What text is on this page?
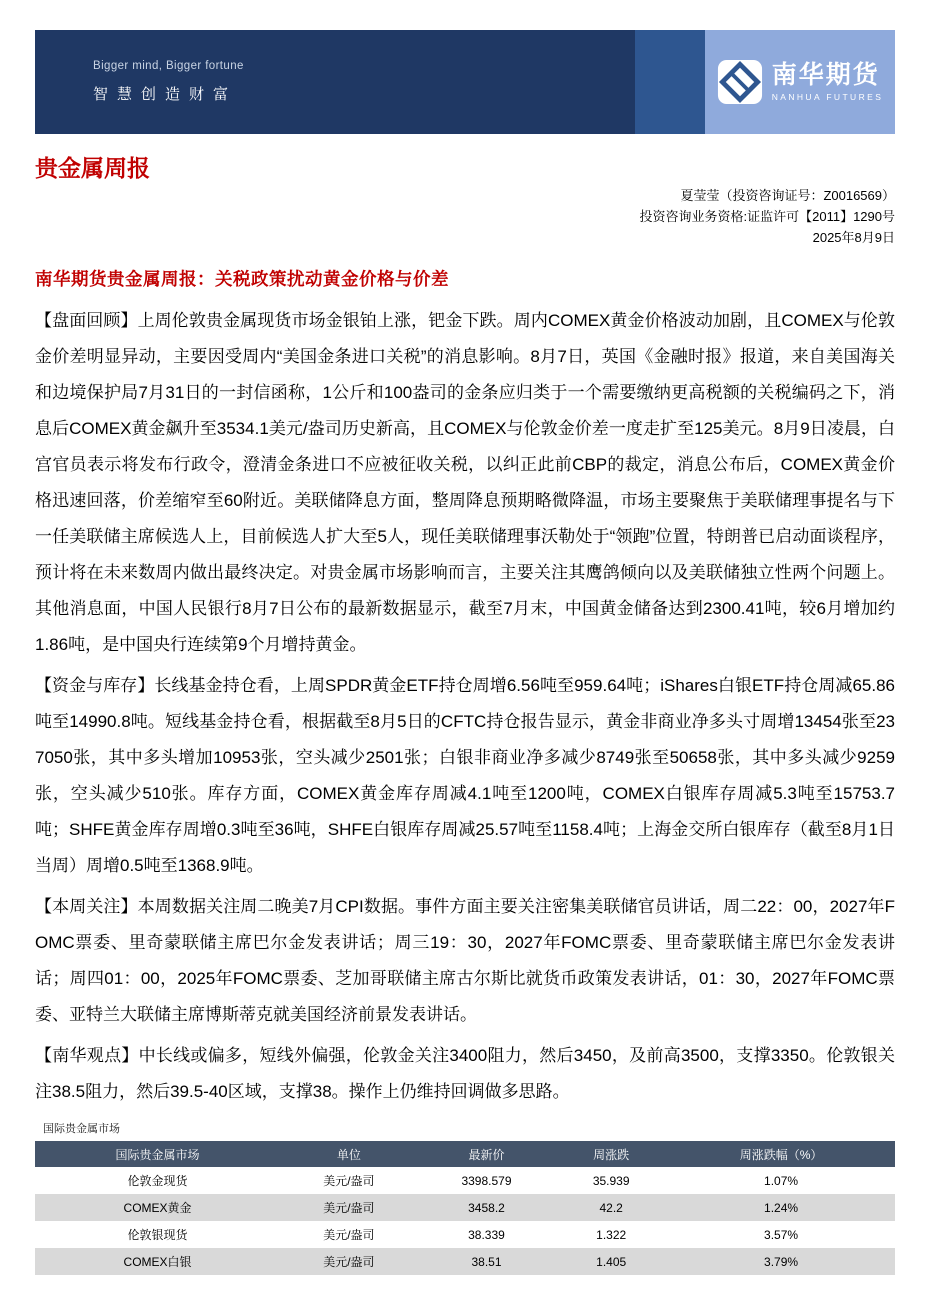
Bigger mind, Bigger fortune
智慧创造财富
南华期货
NANHUA FUTURES
贵金属周报
夏莹莹（投资咨询证号：Z0016569）
投资咨询业务资格:证监许可【2011】1290号
2025年8月9日
南华期货贵金属周报：关税政策扰动黄金价格与价差

【盘面回顾】上周伦敦贵金属现货市场金银铂上涨，钯金下跌。周内COMEX黄金价格波动加剧，且COMEX与伦敦金价差明显异动，主要因受周内“美国金条进口关税”的消息影响。8月7日，英国《金融时报》报道，来自美国海关和边境保护局7月31日的一封信函称，1公斤和100盎司的金条应归类于一个需要缴纳更高税额的关税编码之下，消息后COMEX黄金飙升至3534.1美元/盎司历史新高，且COMEX与伦敦金价差一度走扩至125美元。8月9日凌晨，白宫官员表示将发布行政令，澄清金条进口不应被征收关税，以纠正此前CBP的裁定，消息公布后，COMEX黄金价格迅速回落，价差缩窄至60附近。美联储降息方面，整周降息预期略微降温，市场主要聚焦于美联储理事提名与下一任美联储主席候选人上，目前候选人扩大至5人，现任美联储理事沃勒处于“领跑”位置，特朗普已启动面谈程序，预计将在未来数周内做出最终决定。对贵金属市场影响而言，主要关注其鹰鸽倾向以及美联储独立性两个问题上。其他消息面，中国人民银行8月7日公布的最新数据显示，截至7月末，中国黄金储备达到2300.41吨，较6月增加约1.86吨，是中国央行连续第9个月增持黄金。

【资金与库存】长线基金持仓看，上周SPDR黄金ETF持仓周增6.56吨至959.64吨；iShares白银ETF持仓周减65.86吨至14990.8吨。短线基金持仓看，根据截至8月5日的CFTC持仓报告显示，黄金非商业净多头寸周增13454张至237050张，其中多头增加10953张，空头减少2501张；白银非商业净多减少8749张至50658张，其中多头减少9259张，空头减少510张。库存方面，COMEX黄金库存周减4.1吨至1200吨，COMEX白银库存周减5.3吨至15753.7吨；SHFE黄金库存周增0.3吨至36吨，SHFE白银库存周减25.57吨至1158.4吨；上海金交所白银库存（截至8月1日当周）周增0.5吨至1368.9吨。

【本周关注】本周数据关注周二晚美7月CPI数据。事件方面主要关注密集美联储官员讲话，周二22：00，2027年FOMC票委、里奇蒙联储主席巴尔金发表讲话；周三19：30，2027年FOMC票委、里奇蒙联储主席巴尔金发表讲话；周四01：00，2025年FOMC票委、芝加哥联储主席古尔斯比就货币政策发表讲话，01：30，2027年FOMC票委、亚特兰大联储主席博斯蒂克就美国经济前景发表讲话。

【南华观点】中长线或偏多，短线外偏强，伦敦金关注3400阻力，然后3450，及前高3500，支撑3350。伦敦银关注38.5阻力，然后39.5-40区域，支撑38。操作上仍维持回调做多思路。

国际贵金属市场
国际贵金属市场	单位	最新价	周涨跌	周涨跌幅（%）
伦敦金现货	美元/盎司	3398.579	35.939	1.07%
COMEX黄金	美元/盎司	3458.2	42.2	1.24%
伦敦银现货	美元/盎司	38.339	1.322	3.57%
COMEX白银	美元/盎司	38.51	1.405	3.79%
